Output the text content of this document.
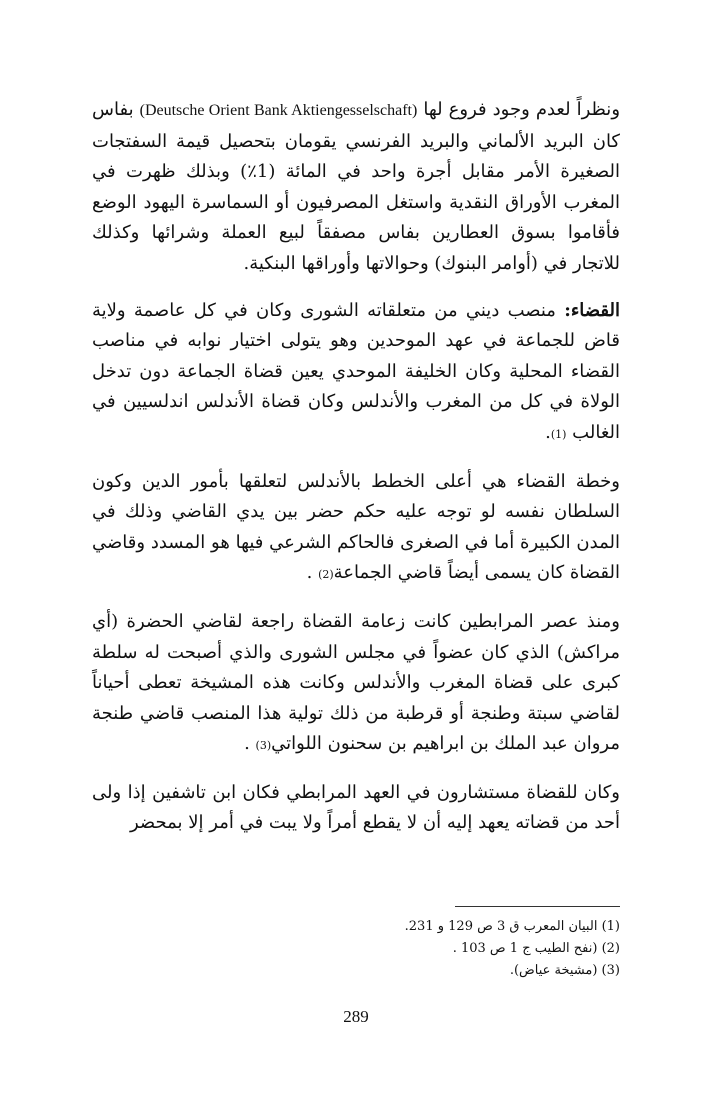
ونظراً لعدم وجود فروع لها (Deutsche Orient Bank Aktiengesselschaft) بفاس كان البريد الألماني والبريد الفرنسي يقومان بتحصيل قيمة السفتجات الصغيرة الأمر مقابل أجرة واحد في المائة (1٪) وبذلك ظهرت في المغرب الأوراق النقدية واستغل المصرفيون أو السماسرة اليهود الوضع فأقاموا بسوق العطارين بفاس مصفقاً لبيع العملة وشرائها وكذلك للاتجار في (أوامر البنوك) وحوالاتها وأوراقها البنكية.

القضاء: منصب ديني من متعلقاته الشورى وكان في كل عاصمة ولاية قاض للجماعة في عهد الموحدين وهو يتولى اختيار نوابه في مناصب القضاء المحلية وكان الخليفة الموحدي يعين قضاة الجماعة دون تدخل الولاة في كل من المغرب والأندلس وكان قضاة الأندلس اندلسيين في الغالب (1).

وخطة القضاء هي أعلى الخطط بالأندلس لتعلقها بأمور الدين وكون السلطان نفسه لو توجه عليه حكم حضر بين يدي القاضي وذلك في المدن الكبيرة أما في الصغرى فالحاكم الشرعي فيها هو المسدد وقاضي القضاة كان يسمى أيضاً قاضي الجماعة(2) .

ومنذ عصر المرابطين كانت زعامة القضاة راجعة لقاضي الحضرة (أي مراكش) الذي كان عضواً في مجلس الشورى والذي أصبحت له سلطة كبرى على قضاة المغرب والأندلس وكانت هذه المشيخة تعطى أحياناً لقاضي سبتة وطنجة أو قرطبة من ذلك تولية هذا المنصب قاضي طنجة مروان عبد الملك بن ابراهيم بن سحنون اللواتي(3) .

وكان للقضاة مستشارون في العهد المرابطي فكان ابن تاشفين إذا ولى أحد من قضاته يعهد إليه أن لا يقطع أمراً ولا يبت في أمر إلا بمحضر

(1) البيان المعرب ق 3 ص 129 و 231.

(2) (نفح الطيب ج 1 ص 103 .

(3) (مشيخة عياض).

289
